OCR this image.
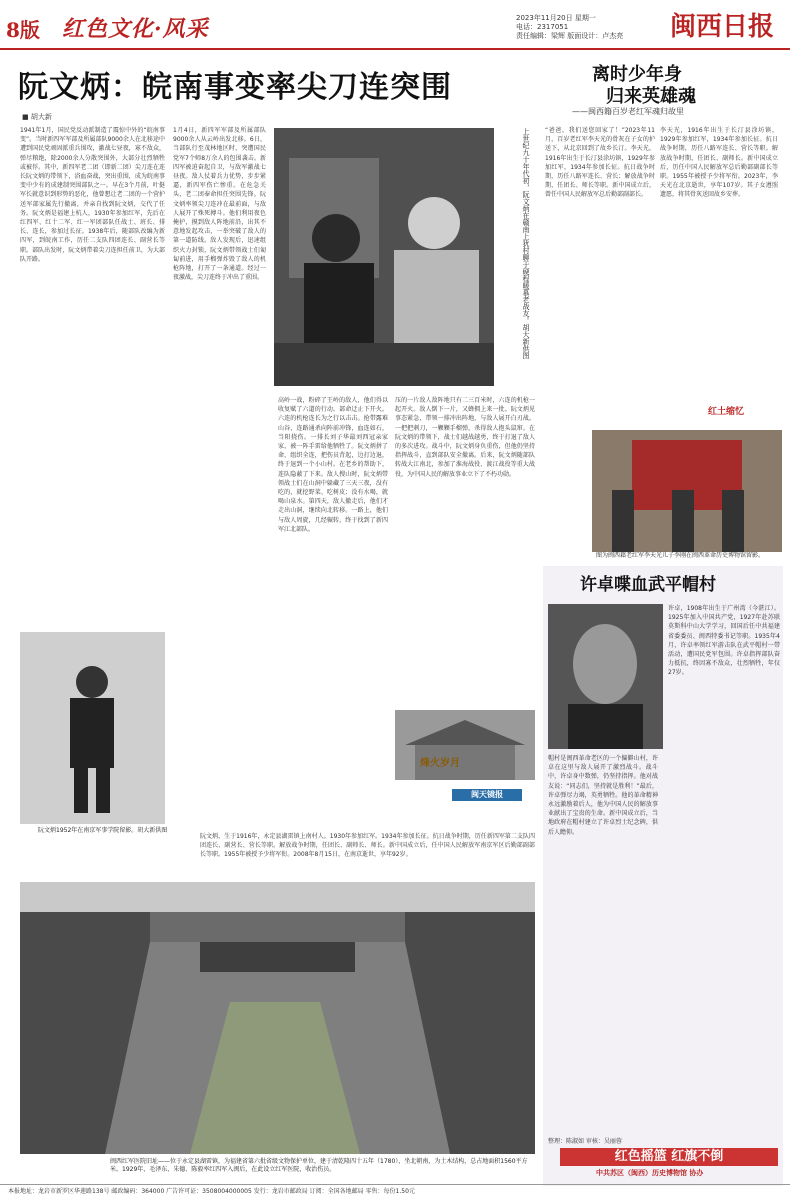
8版 红色文化·风采	2023年11月20日 星期一
电话：2317051
责任编辑：梁辉 版面设计：卢杰亮	闽西日报
阮文炳：皖南事变率尖刀连突围
■ 胡大新
1941年1月，国民党反动派制造了震惊中外的“皖南事变”。当时新四军军部及所属部队9000余人在北移途中遭到国民党顽固派重兵围攻，激战七昼夜，寡不敌众，弹尽粮绝，除2000余人分散突围外，大部分壮烈牺牲或被俘。其中，新四军老二团（即新二团）尖刀连在连长阮文炳的带领下，浴血奋战，突出重围，成为皖南事变中少有的成建制突围部队之一。早在3个月前，叶挺军长就意识到形势的恶化，他曾想让老二团的一个营护送军部家属先行撤离，并亲自找到阮文炳，交代了任务。阮文炳是福建上杭人，1930年参加红军，先后在红四军、红十二军、红一军团部队任战士、班长、排长、连长，参加过长征。1938年后，随部队改编为新四军，到皖南工作，历任二支队四团连长、副营长等职。部队出发时，阮文炳带着尖刀连担任前卫，为大部队开路。
1月4日，新四军军部及所属部队9000余人从云岭出发北移。6日，当部队行至茂林地区时，突遭国民党军7个师8万余人的包围袭击。新四军被迫奋起自卫，与敌军激战七昼夜。敌人仗着兵力优势，步步紧逼，新四军伤亡惨重。在危急关头，老二团奉命担任突围先锋。阮文炳率领尖刀连冲在最前面，与敌人展开了殊死搏斗。他们利用夜色掩护，摸到敌人阵地前沿，出其不意地发起攻击，一举突破了敌人的第一道防线。敌人发现后，迅速组织火力封锁，阮文炳带领战士们匍匐前进，用手榴弹炸毁了敌人的机枪阵地，打开了一条通道。经过一夜激战，尖刀连终于冲出了重围。	上世纪九十年代初，阮文炳在赣南上犹村聊于硬程暖慕老战友。胡大新供图
高岭一战，粉碎了王岭的敌人，他们得以收复赋了六道的行动。部命迂止下开火。六连的机枪连长为之行以击击。抢带露难山谷，连路通杀向阵前冲锋，血连如石，当阳挠伤。一排长刘子华最刘西冠亲家家，被一阵手雷给他牺牲了。阮文炳拼了命，组织全连，把伤员背起，边打边退，终于退到一个小山村。在老乡的帮助下，连队隐蔽了下来。敌人搜山时，阮文炳带领战士们在山洞中躲藏了三天三夜，没有吃的，就挖野菜、吃树皮；没有水喝，就喝山泉水。第四天，敌人撤走后，他们才走出山洞，继续向北转移。一路上，他们与敌人周旋，几经辗转，终于找到了新四军江北部队。
压的一片敌人敌阵地只有二三百米时，六连的机枪一起开火。敌人倒下一片，又蜂拥上来一批。阮文炳见事态紧急，带领一排冲出阵地，与敌人展开白刃战。一把把刺刀，一颗颗手榴弹，杀得敌人抱头鼠窜。在阮文炳的带领下，战士们越战越勇，终于打退了敌人的多次进攻。战斗中，阮文炳身负重伤，但他仍坚持指挥战斗，直到部队安全撤离。后来，阮文炳随部队转战大江南北，参加了淮海战役、渡江战役等重大战役，为中国人民的解放事业立下了不朽功勋。
阮文炳1952年在南京军事学院留影。胡大新供图
烽火岁月
闽天镜报
阮文炳，生于1916年，永定县湖雷镇上南村人。1930年参加红军。1934年参加长征。抗日战争时期，历任新四军第二支队四团连长、副营长、营长等职。解放战争时期，任团长、副师长、师长。新中国成立后，任中国人民解放军南京军区后勤部副部长等职。1955年被授予少将军衔。2008年8月15日，在南京逝世，享年92岁。
闽西红军医院旧址——位于永定县湖雷镇，为福建省第六批省级文物保护单位，建于清乾隆四十五年（1780），坐北朝南，为土木结构，总占地面积1560平方米。1929年，毛泽东、朱德、陈毅率红四军入闽后，在此设立红军医院，收治伤员。
离时少年身
归来英雄魂
——闽西籍百岁老红军魂归故里
“爸爸，我们送您回家了！”2023年11月，百岁老红军李天光的骨灰在子女的护送下，从北京回到了故乡长汀。李天光，1916年出生于长汀县涂坊镇，1929年参加红军，1934年参加长征。抗日战争时期，历任八路军连长、营长；解放战争时期，任团长、师长等职。新中国成立后，曾任中国人民解放军总后勤部副部长。
李天光，1916年出生于长汀县涂坊镇，1929年参加红军，1934年参加长征。抗日战争时期，历任八路军连长、营长等职。解放战争时期，任团长、副师长。新中国成立后，历任中国人民解放军总后勤部副部长等职。1955年被授予少将军衔。2023年，李天光在北京逝世，享年107岁。其子女遵照遗愿，将其骨灰送回故乡安葬。
红土缩忆
图为闽西籍老红军李天光儿子李刚在闽西革命历史博物馆留影。
许卓喋血武平帽村
许卓，1908年出生于广州湾（今湛江）。1925年加入中国共产党，1927年赴苏联莫斯科中山大学学习，回国后任中共福建省委委员、闽西特委书记等职。1935年4月，许卓率领红军游击队在武平帽村一带活动，遭国民党军包围。许卓指挥部队奋力抵抗，终因寡不敌众，壮烈牺牲，年仅27岁。
帽村是闽西革命老区的一个偏僻山村，许卓在这里与敌人展开了激烈战斗。战斗中，许卓身中数弹，仍坚持指挥。他对战友说：“同志们，坚持就是胜利！”最后，许卓弹尽力竭，英勇牺牲。他的革命精神永远激励着后人，他为中国人民的解放事业献出了宝贵的生命。新中国成立后，当地政府在帽村建立了许卓烈士纪念碑，供后人瞻仰。
整理：陈淑如 审核：吴丽蓉
红色摇篮 红旗不倒
中共苏区（闽西）历史博物馆 协办
本报地址：龙岩市新罗区华莲路138号 邮政编码：364000 广告许可证：3508004000005 发行：龙岩市邮政局 订阅：全国各地邮局 零售：每份1.50元
